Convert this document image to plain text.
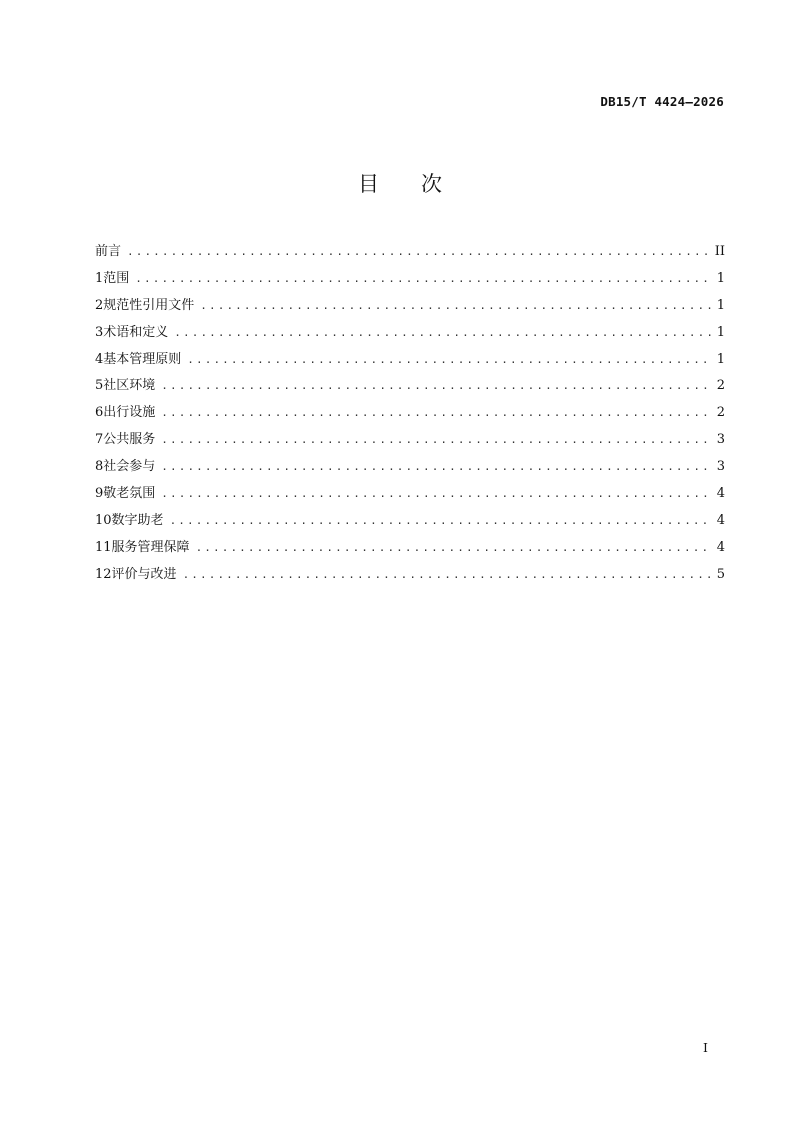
DB15/T 4424—2026
目次
前言 .....	II
1 范围 .....	1
2 规范性引用文件 .....	1
3 术语和定义 .....	1
4 基本管理原则 .....	1
5 社区环境 .....	2
6 出行设施 .....	2
7 公共服务 .....	3
8 社会参与 .....	3
9 敬老氛围 .....	4
10 数字助老 .....	4
11 服务管理保障 .....	4
12 评价与改进 .....	5
I
